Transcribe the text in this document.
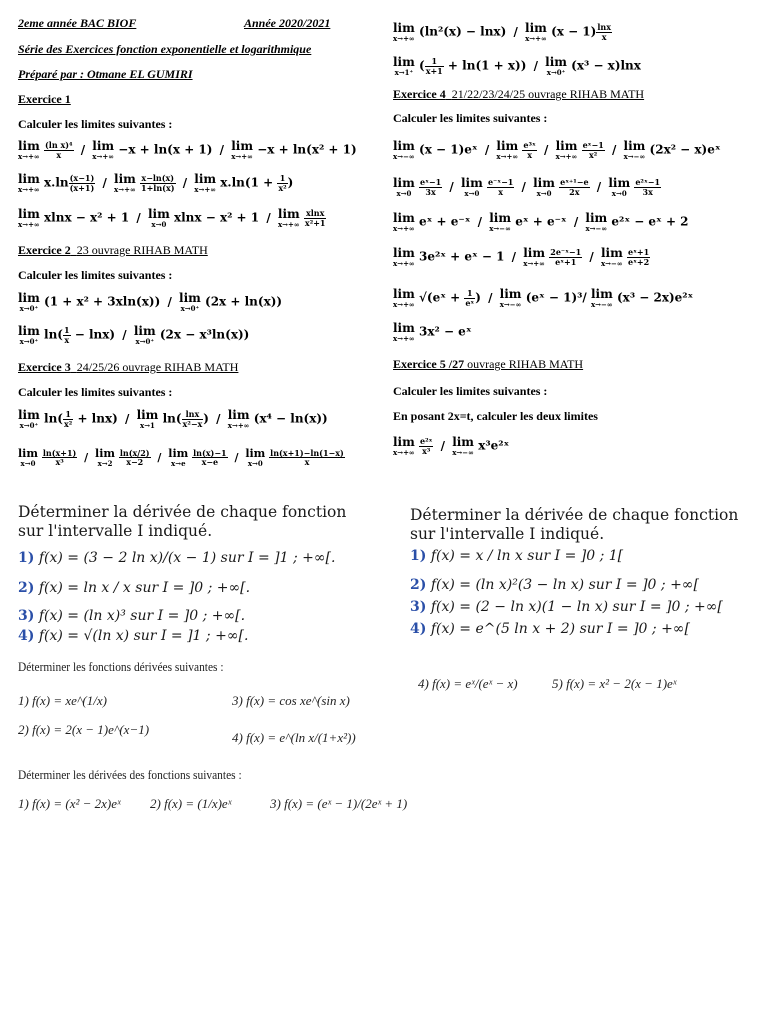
2eme année BAC BIOF	Année 2020/2021
Série des Exercices fonction exponentielle et logarithmique
Préparé par : Otmane EL GUMIRI
Exercice 1
Calculer les limites suivantes :
lim
x→+∞
$\frac{\text{(ln x)⁴}}{x}$ / lim
x→+∞ −x + ln(x + 1) / lim
x→+∞ −x + ln(x² + 1)
lim
x→+∞ $x.\ln \frac{(x-1)}{(x+1)}$ / lim
x→+∞
$\frac{x-\ln(x)}{1+\ln(x)}$ / lim
x→+∞ $x.\ln(1 + \frac{1}{\text{x²}}$ )
lim
x→+∞ xlnx − x² + 1 / lim
x→0 xlnx − x² + 1 / lim
x→+∞
$\frac{xlnx}{\text{x²+1}}$
Exercice 2 23 ouvrage RIHAB MATH
Calculer les limites suivantes :
lim
x→0⁺ (1 + x² + 3xln(x)) / lim
x→0⁺ (2x + ln(x))
lim
x→0⁺ $\ln( \frac{1}{x} - \ln x) / \lim$
x→0⁺ (2x − x³ln(x))
Exercice 3 24/25/26 ouvrage RIHAB MATH
Calculer les limites suivantes :
lim
x→0⁺ $\ln( \frac{1}{\text{x²}} + \ln x) / \lim$
x→1 $\ln( \frac{\ln x}{\text{x²−x}}$ ) / lim
x→+∞ (x⁴ − ln(x))
lim
x→0
$\frac{\ln(x+1)}{\text{x³}}$ / lim
x→2
$\frac{\ln(x/2)}{x-2}$ / lim
x→e
$\frac{\ln(x)-1}{x-e}$ / lim
x→0
$\frac{\ln(x+1)-\ln(1-x)}{x}$
lim
x→+∞ (ln²(x) − lnx) / lim
x→+∞ $(x - 1) \frac{\ln x}{x}$
lim
x→1⁺ ( $\frac{1}{x+1} + \ln(1 + x)) / \lim$
x→0⁺ (x³ − x)lnx
Exercice 4 21/22/23/24/25 ouvrage RIHAB MATH
Calculer les limites suivantes :
lim
x→−∞ (x − 1)eˣ / lim
x→+∞
$\frac{\text{e³ˣ}}{x}$ / lim
x→+∞
$\frac{\text{eˣ−1}}{\text{x²}}$ / lim
x→−∞ (2x² − x)eˣ
lim
x→0
$\frac{\text{eˣ−1}}{3x}$ / lim
x→0
$\frac{\text{e⁻ˣ−1}}{x}$ / lim
x→0
$\frac{\text{eˣ⁺¹−e}}{2x}$ / lim
x→0
$\frac{\text{e²ˣ−1}}{3x}$
lim
x→+∞ eˣ + e⁻ˣ / lim
x→−∞ eˣ + e⁻ˣ / lim
x→−∞ e²ˣ − eˣ + 2
lim
x→+∞ 3e²ˣ + eˣ − 1 / lim
x→+∞
$\frac{\text{2e⁻ˣ−1}}{\text{eˣ+1}}$ / lim
x→−∞
$\frac{\text{eˣ+1}}{\text{eˣ+2}}$
lim
x→+∞ √(eˣ + $\frac{1}{\text{eˣ}}$ ) / lim
x→−∞ (eˣ − 1)³/ lim
x→−∞ (x³ − 2x)e²ˣ
lim
x→+∞ 3x² − eˣ
Exercice 5 /27 ouvrage RIHAB MATH
Calculer les limites suivantes :
En posant 2x=t, calculer les deux limites
lim
x→+∞
$\frac{\text{e²ˣ}}{\text{x³}}$ / lim
x→−∞ x³e²ˣ
Déterminer la dérivée de chaque fonction sur l'intervalle I indiqué.
1) f(x) = (3 − 2 ln x)/(x − 1) sur I = ]1 ; +∞[.
2) f(x) = ln x / x sur I = ]0 ; +∞[.
3) f(x) = (ln x)³ sur I = ]0 ; +∞[.
4) f(x) = √(ln x) sur I = ]1 ; +∞[.
Déterminer la dérivée de chaque fonction sur l'intervalle I indiqué.
1) f(x) = x / ln x sur I = ]0 ; 1[
2) f(x) = (ln x)²(3 − ln x) sur I = ]0 ; +∞[
3) f(x) = (2 − ln x)(1 − ln x) sur I = ]0 ; +∞[
4) f(x) = e^(5 ln x + 2) sur I = ]0 ; +∞[
Déterminer les fonctions dérivées suivantes :
1) f(x) = xe^(1/x)	3) f(x) = cos xe^(sin x)
2) f(x) = 2(x − 1)e^(x−1)
4) f(x) = e^(ln x/(1+x²))
4) f(x) = eˣ/(eˣ − x)	5) f(x) = x² − 2(x − 1)eˣ
Déterminer les dérivées des fonctions suivantes :
1) f(x) = (x² − 2x)eˣ 2) f(x) = (1/x)eˣ	3) f(x) = (eˣ − 1)/(2eˣ + 1)
